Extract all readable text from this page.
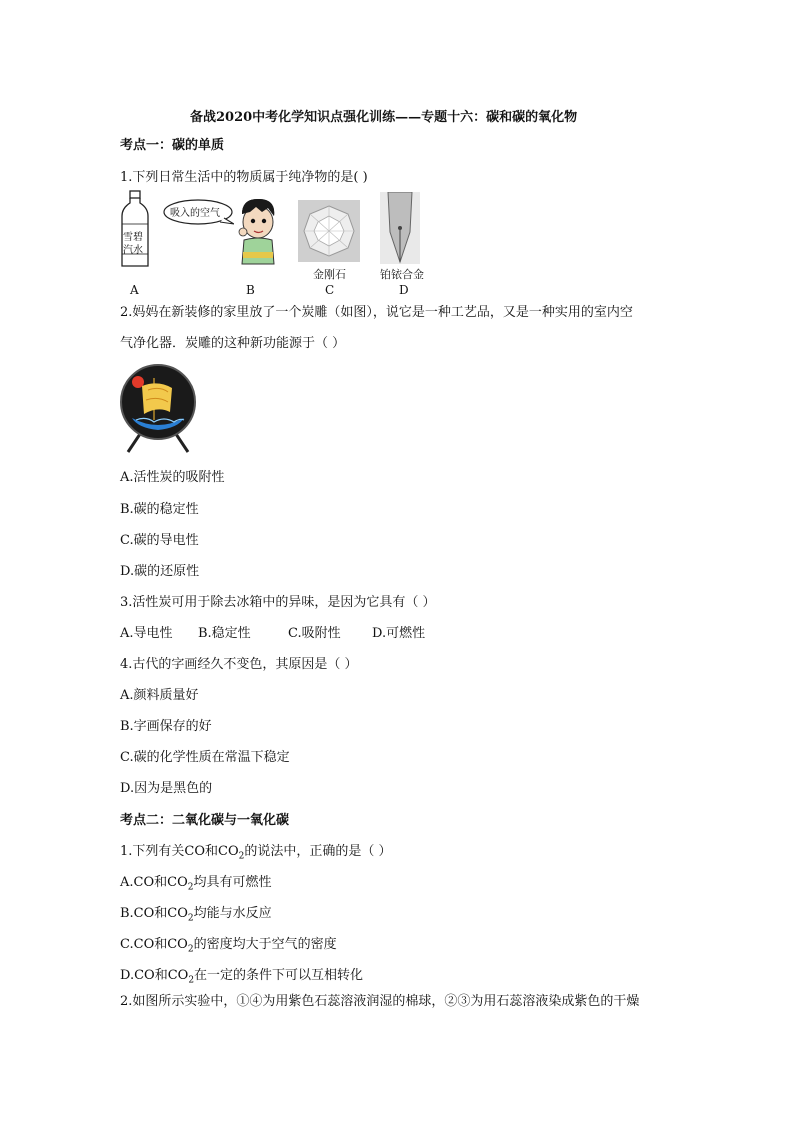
备战2020中考化学知识点强化训练——专题十六：碳和碳的氧化物
考点一：碳的单质
1.下列日常生活中的物质属于纯净物的是( )
雪碧
汽水
吸入的空气
金刚石	铂铱合金
A	B	C	D
2.妈妈在新装修的家里放了一个炭雕（如图），说它是一种工艺品，又是一种实用的室内空
气净化器．炭雕的这种新功能源于（ ）
A.活性炭的吸附性
B.碳的稳定性
C.碳的导电性
D.碳的还原性
3.活性炭可用于除去冰箱中的异味，是因为它具有（ ）
A.导电性 B.稳定性	C.吸附性 D.可燃性
4.古代的字画经久不变色，其原因是（ ）
A.颜料质量好
B.字画保存的好
C.碳的化学性质在常温下稳定
D.因为是黑色的
考点二：二氧化碳与一氧化碳
1.下列有关CO和$CO_2$的说法中，正确的是（ ）
A.CO和$CO_2$均具有可燃性
B.CO和$CO_2$均能与水反应
C.CO和$CO_2$的密度均大于空气的密度
D.CO和$CO_2$在一定的条件下可以互相转化
2.如图所示实验中，①④为用紫色石蕊溶液润湿的棉球，②③为用石蕊溶液染成紫色的干燥
